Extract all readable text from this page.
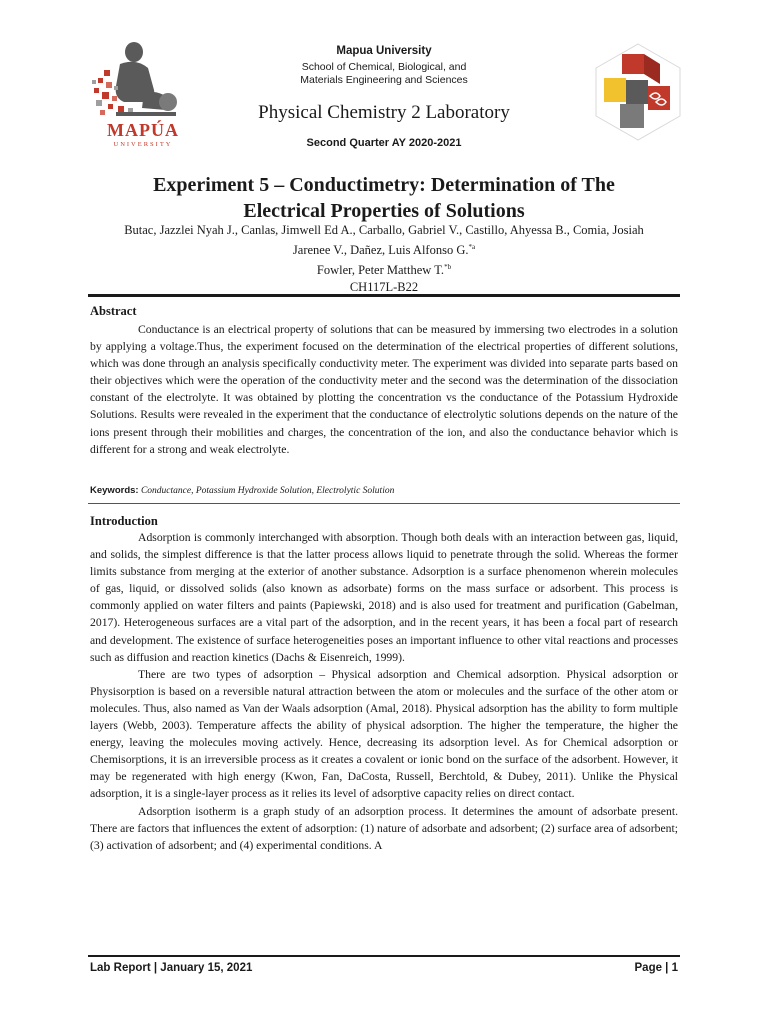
MAPÚA
UNIVERSITY
Mapua University
School of Chemical, Biological, and
Materials Engineering and Sciences
Physical Chemistry 2 Laboratory
Second Quarter AY 2020-2021
Experiment 5 – Conductimetry: Determination of The
Electrical Properties of Solutions
Butac, Jazzlei Nyah J., Canlas, Jimwell Ed A., Carballo, Gabriel V., Castillo, Ahyessa B., Comia, Josiah
Jarenee V., Dañez, Luis Alfonso G.$^{*a}$
Fowler, Peter Matthew T.$^{*b}$
CH117L-B22
Abstract

Conductance is an electrical property of solutions that can be measured by immersing two electrodes in a solution by applying a voltage.Thus, the experiment focused on the determination of the electrical properties of different solutions, which was done through an analysis specifically conductivity meter. The experiment was divided into separate parts based on their objectives which were the operation of the conductivity meter and the second was the determination of the dissociation constant of the electrolyte. It was obtained by plotting the concentration vs the conductance of the Potassium Hydroxide Solutions. Results were revealed in the experiment that the conductance of electrolytic solutions depends on the nature of the ions present through their mobilities and charges, the concentration of the ion, and also the conductance behavior which is different for a strong and weak electrolyte.

Keywords: Conductance, Potassium Hydroxide Solution, Electrolytic Solution
Introduction

Adsorption is commonly interchanged with absorption. Though both deals with an interaction between gas, liquid, and solids, the simplest difference is that the latter process allows liquid to penetrate through the solid. Whereas the former limits substance from merging at the exterior of another substance. Adsorption is a surface phenomenon wherein molecules of gas, liquid, or dissolved solids (also known as adsorbate) forms on the mass surface or adsorbent. This process is commonly applied on water filters and paints (Papiewski, 2018) and is also used for treatment and purification (Gabelman, 2017). Heterogeneous surfaces are a vital part of the adsorption, and in the recent years, it has been a focal part of research and development. The existence of surface heterogeneities poses an important influence to other vital reactions and processes such as diffusion and reaction kinetics (Dachs & Eisenreich, 1999).

There are two types of adsorption – Physical adsorption and Chemical adsorption. Physical adsorption or Physisorption is based on a reversible natural attraction between the atom or molecules and the surface of the other atom or molecules. Thus, also named as Van der Waals adsorption (Amal, 2018). Physical adsorption has the ability to form multiple layers (Webb, 2003). Temperature affects the ability of physical adsorption. The higher the temperature, the higher the energy, leaving the molecules moving actively. Hence, decreasing its adsorption level. As for Chemical adsorption or Chemisorptions, it is an irreversible process as it creates a covalent or ionic bond on the surface of the adsorbent. However, it may be regenerated with high energy (Kwon, Fan, DaCosta, Russell, Berchtold, & Dubey, 2011). Unlike the Physical adsorption, it is a single-layer process as it relies its level of adsorptive capacity relies on direct contact.

Adsorption isotherm is a graph study of an adsorption process. It determines the amount of adsorbate present. There are factors that influences the extent of adsorption: (1) nature of adsorbate and adsorbent; (2) surface area of adsorbent; (3) activation of adsorbent; and (4) experimental conditions. A

Lab Report | January 15, 2021	Page | 1
